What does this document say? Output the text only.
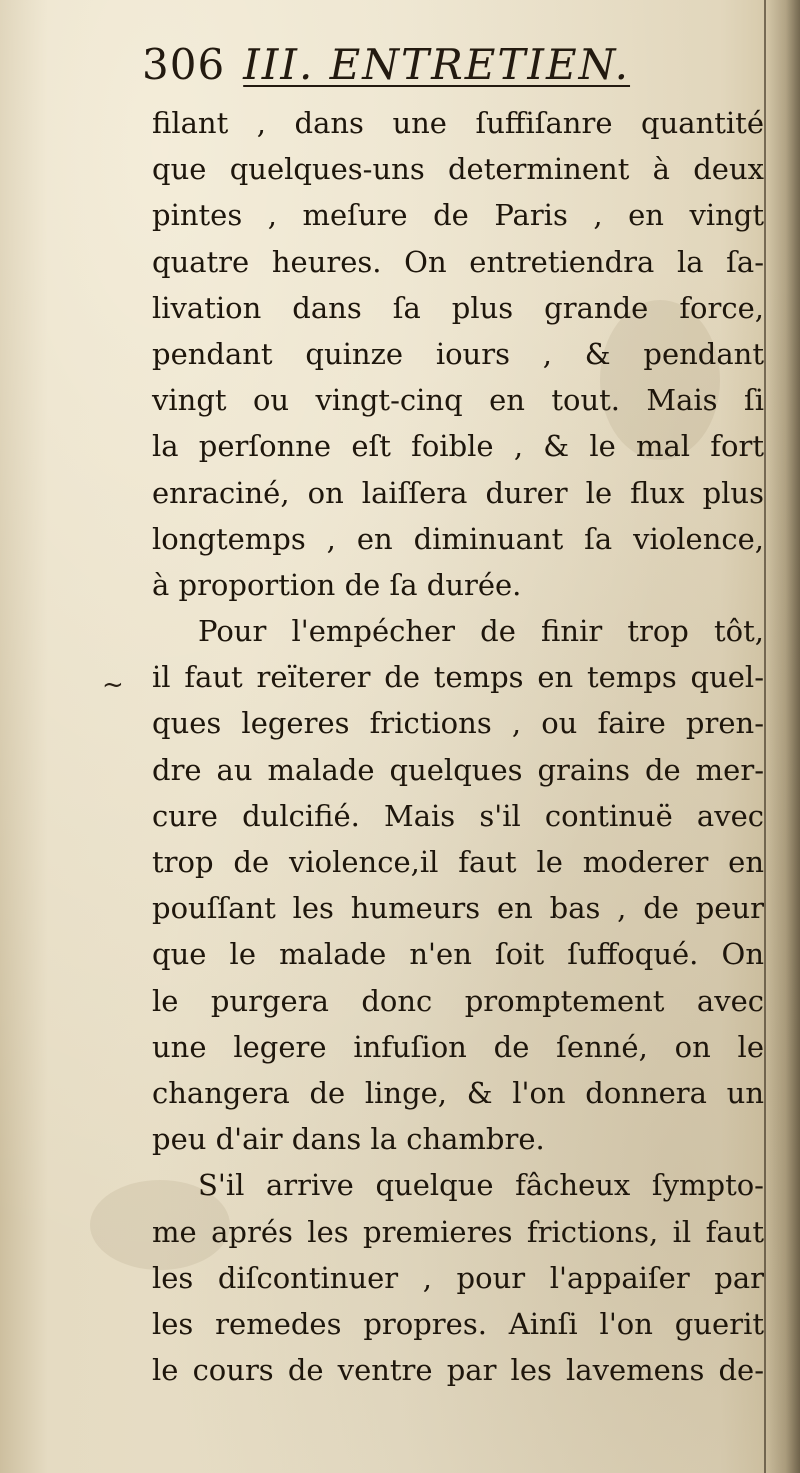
306 III. ENTRETIEN.
~
filant , dans une ſuffiſanre quantité
que quelques-uns determinent à deux
pintes , meſure de Paris , en vingt
quatre heures. On entretiendra la ſa-
livation dans ſa plus grande force,
pendant quinze iours , & pendant
vingt ou vingt-cinq en tout. Mais ſi
la perſonne eſt foible , & le mal fort
enraciné, on laiſſera durer le flux plus
longtemps , en diminuant ſa violence,
à proportion de ſa durée.
Pour l'empécher de finir trop tôt,
il faut reïterer de temps en temps quel-
ques legeres frictions , ou faire pren-
dre au malade quelques grains de mer-
cure dulcifié. Mais s'il continuë avec
trop de violence,il faut le moderer en
pouſſant les humeurs en bas , de peur
que le malade n'en ſoit ſuffoqué. On
le purgera donc promptement avec
une legere infuſion de ſenné, on le
changera de linge, & l'on donnera un
peu d'air dans la chambre.
S'il arrive quelque fâcheux ſympto-
me aprés les premieres frictions, il faut
les diſcontinuer , pour l'appaiſer par
les remedes propres. Ainſi l'on guerit
le cours de ventre par les lavemens de-
